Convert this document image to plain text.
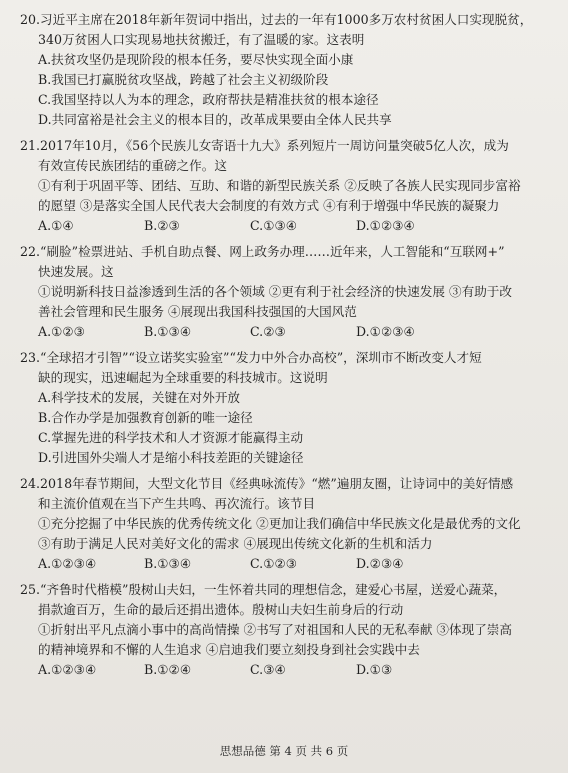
20.习近平主席在2018年新年贺词中指出，过去的一年有1000多万农村贫困人口实现脱贫，

340万贫困人口实现易地扶贫搬迁，有了温暖的家。这表明

A.扶贫攻坚仍是现阶段的根本任务，要尽快实现全面小康

B.我国已打赢脱贫攻坚战，跨越了社会主义初级阶段

C.我国坚持以人为本的理念，政府帮扶是精准扶贫的根本途径

D.共同富裕是社会主义的根本目的，改革成果要由全体人民共享

21.2017年10月，《56个民族儿女寄语十九大》系列短片一周访问量突破5亿人次，成为

有效宣传民族团结的重磅之作。这

①有利于巩固平等、团结、互助、和谐的新型民族关系 ②反映了各族人民实现同步富裕

的愿望 ③是落实全国人民代表大会制度的有效方式 ④有利于增强中华民族的凝聚力

A.①④	B.②③	C.①③④	D.①②③④

22.“刷脸”检票进站、手机自助点餐、网上政务办理……近年来，人工智能和“互联网+”

快速发展。这

①说明新科技日益渗透到生活的各个领域 ②更有利于社会经济的快速发展 ③有助于改

善社会管理和民生服务 ④展现出我国科技强国的大国风范

A.①②③	B.①③④	C.②③	D.①②③④

23.“全球招才引智”“设立诺奖实验室”“发力中外合办高校”，深圳市不断改变人才短

缺的现实，迅速崛起为全球重要的科技城市。这说明

A.科学技术的发展，关键在对外开放

B.合作办学是加强教育创新的唯一途径

C.掌握先进的科学技术和人才资源才能赢得主动

D.引进国外尖端人才是缩小科技差距的关键途径

24.2018年春节期间，大型文化节目《经典咏流传》“燃”遍朋友圈，让诗词中的美好情感

和主流价值观在当下产生共鸣、再次流行。该节目

①充分挖掘了中华民族的优秀传统文化 ②更加让我们确信中华民族文化是最优秀的文化

③有助于满足人民对美好文化的需求 ④展现出传统文化新的生机和活力

A.①②③④	B.①③④	C.①②③	D.②③④

25.“齐鲁时代楷模”殷树山夫妇，一生怀着共同的理想信念，建爱心书屋，送爱心蔬菜，

捐款逾百万，生命的最后还捐出遗体。殷树山夫妇生前身后的行动

①折射出平凡点滴小事中的高尚情操 ②书写了对祖国和人民的无私奉献 ③体现了崇高

的精神境界和不懈的人生追求 ④启迪我们要立刻投身到社会实践中去

A.①②③④	B.①②④	C.③④	D.①③
思想品德 第 4 页 共 6 页
